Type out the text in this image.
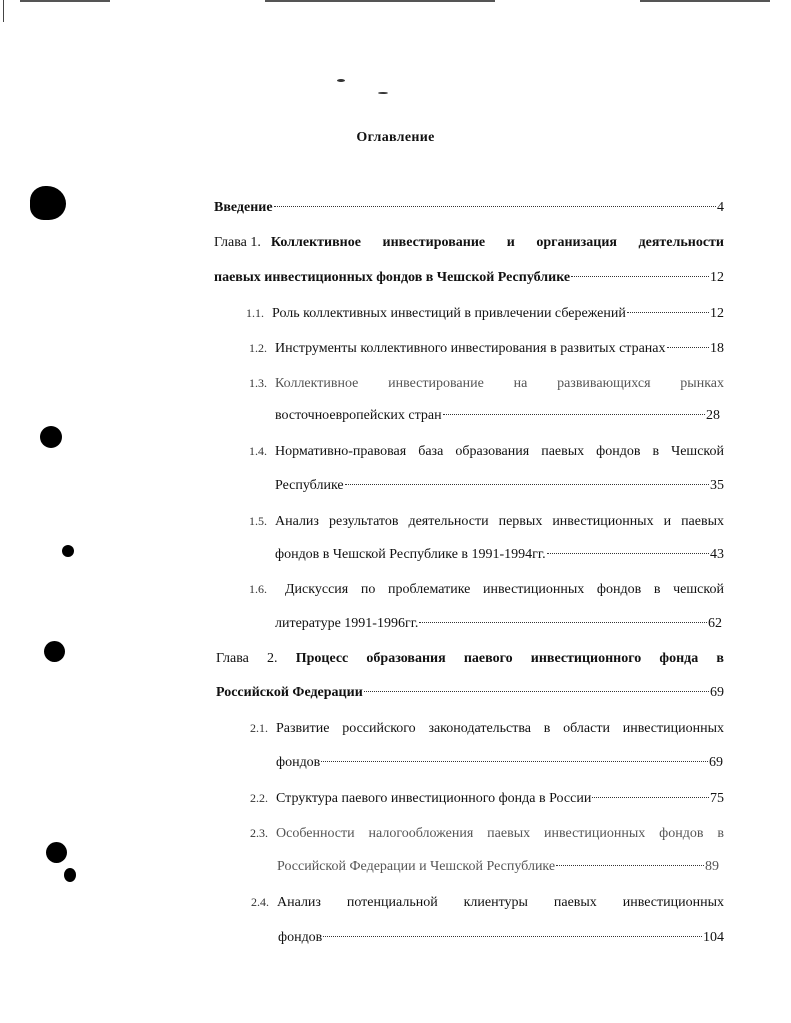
Оглавление
Введение	4
Глава 1. Коллективное инвестирование и организация деятельности
паевых инвестиционных фондов в Чешской Республике	12
1.1. Роль коллективных инвестиций в привлечении сбережений	12
1.2. Инструменты коллективного инвестирования в развитых странах	18
1.3. Коллективное инвестирование на развивающихся рынках
восточноевропейских стран	28
1.4. Нормативно-правовая база образования паевых фондов в Чешской
Республике	35
1.5. Анализ результатов деятельности первых инвестиционных и паевых
фондов в Чешской Республике в 1991-1994гг.	43
1.6. Дискуссия по проблематике инвестиционных фондов в чешской
литературе 1991-1996гг.	62
Глава 2. Процесс образования паевого инвестиционного фонда в
Российской Федерации	69
2.1. Развитие российского законодательства в области инвестиционных
фондов	69
2.2. Структура паевого инвестиционного фонда в России	75
2.3. Особенности налогообложения паевых инвестиционных фондов в
Российской Федерации и Чешской Республике	89
2.4. Анализ потенциальной клиентуры паевых инвестиционных
фондов	104
